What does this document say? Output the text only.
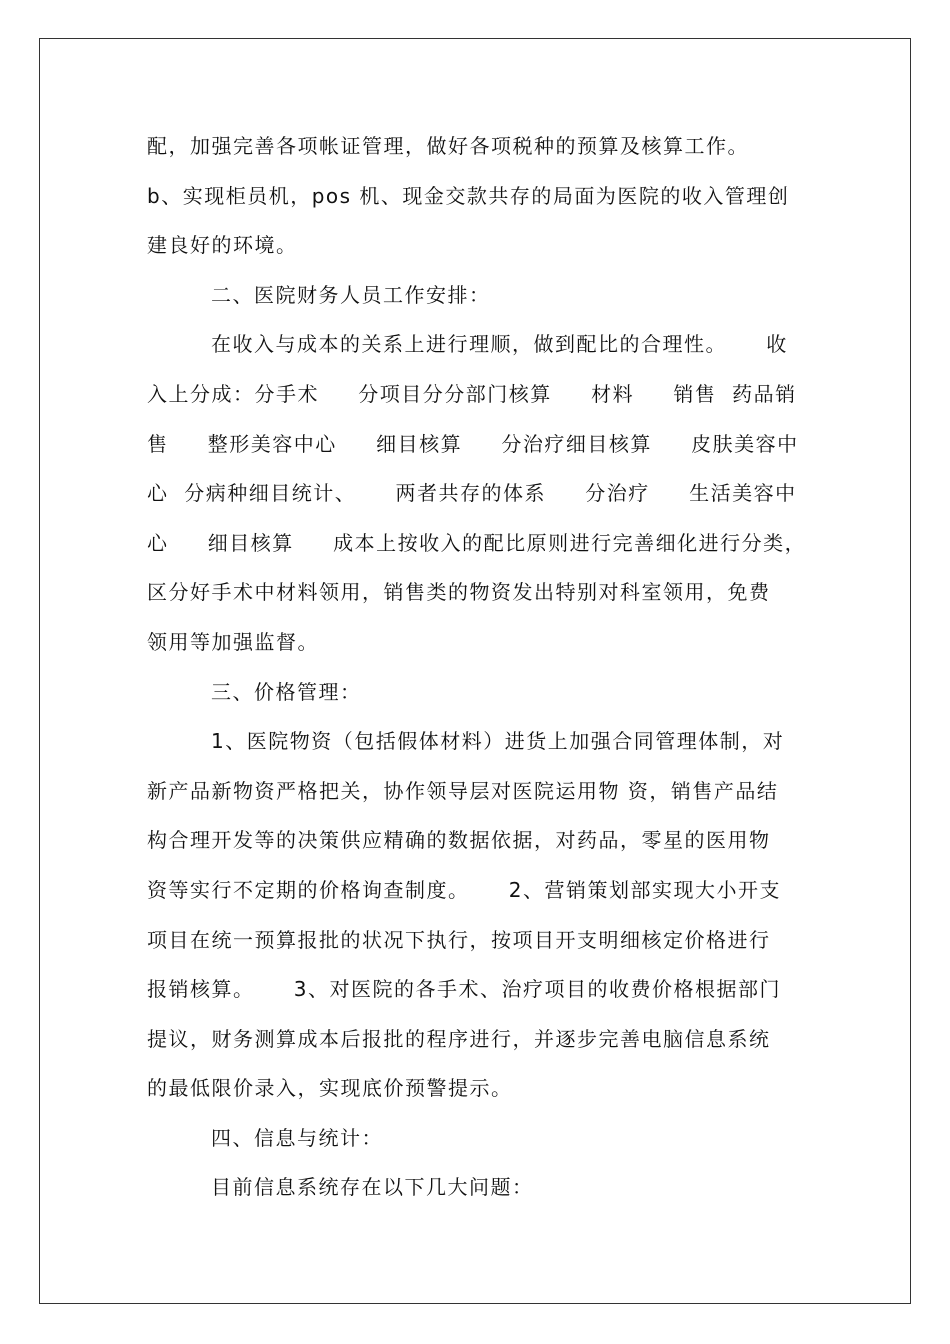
配，加强完善各项帐证管理，做好各项税种的预算及核算工作。
b、实现柜员机，pos 机、现金交款共存的局面为医院的收入管理创
建良好的环境。
二、医院财务人员工作安排：
在收入与成本的关系上进行理顺，做到配比的合理性。     收
入上分成：分手术     分项目分分部门核算     材料     销售  药品销
售     整形美容中心     细目核算     分治疗细目核算     皮肤美容中
心  分病种细目统计、     两者共存的体系     分治疗     生活美容中
心     细目核算     成本上按收入的配比原则进行完善细化进行分类，
区分好手术中材料领用，销售类的物资发出特别对科室领用，免费
领用等加强监督。
三、价格管理：
1、医院物资（包括假体材料）进货上加强合同管理体制，对
新产品新物资严格把关，协作领导层对医院运用物 资，销售产品结
构合理开发等的决策供应精确的数据依据，对药品，零星的医用物
资等实行不定期的价格询查制度。     2、营销策划部实现大小开支
项目在统一预算报批的状况下执行，按项目开支明细核定价格进行
报销核算。     3、对医院的各手术、治疗项目的收费价格根据部门
提议，财务测算成本后报批的程序进行，并逐步完善电脑信息系统
的最低限价录入，实现底价预警提示。
四、信息与统计：
目前信息系统存在以下几大问题：
